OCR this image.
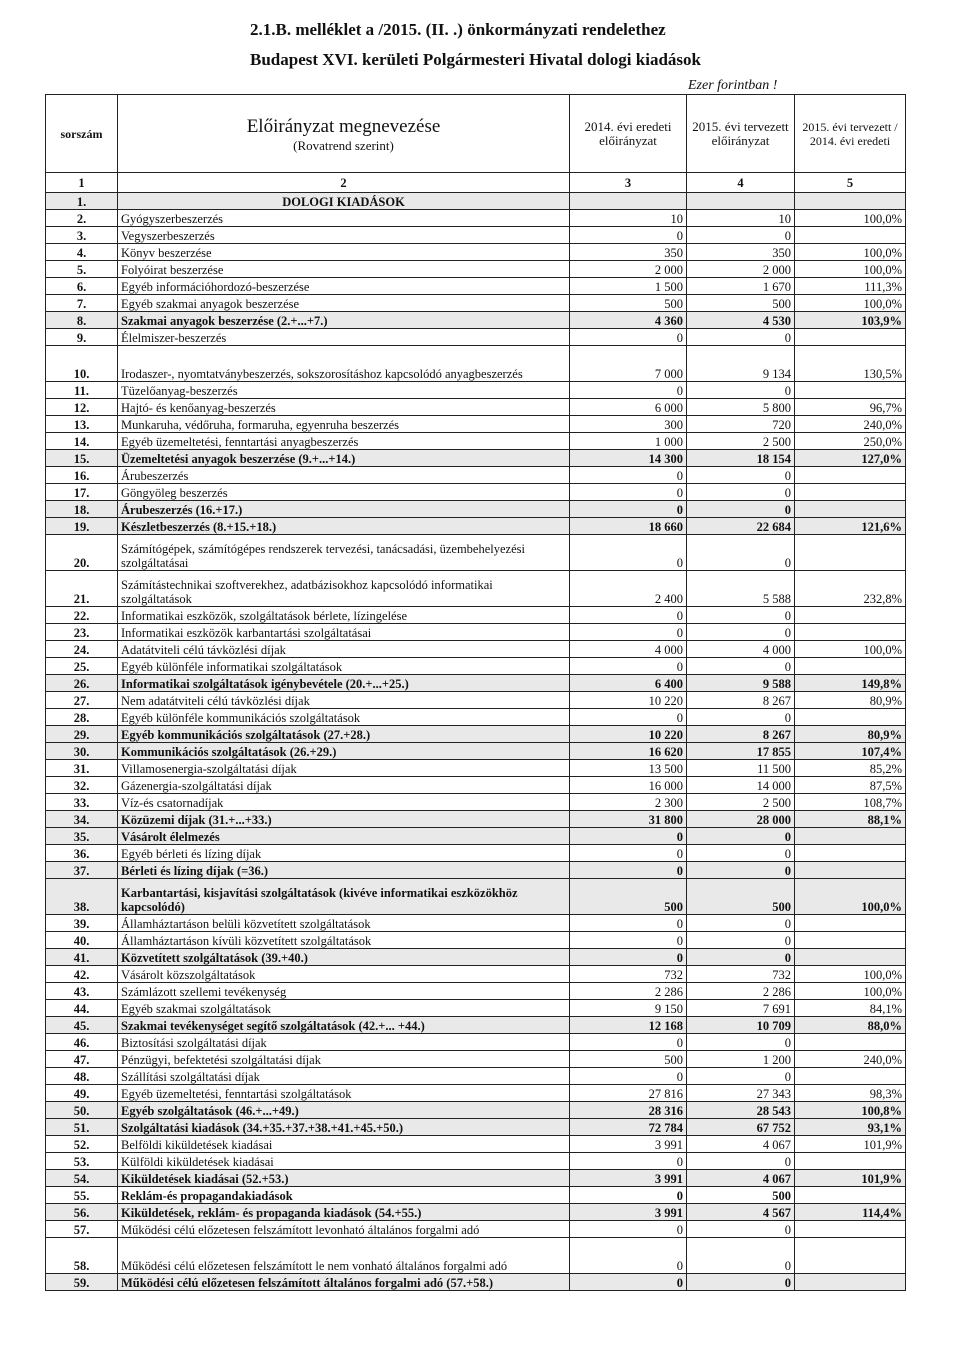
2.1.B. melléklet a /2015. (II. .) önkormányzati rendelethez
Budapest XVI. kerületi Polgármesteri Hivatal dologi kiadások
Ezer forintban !
sorszám	Előirányzat megnevezése
(Rovatrend szerint)	2014. évi eredeti előirányzat	2015. évi tervezett előirányzat	2015. évi tervezett / 2014. évi eredeti
1	2	3	4	5
1.	DOLOGI KIADÁSOK			
2.	Gyógyszerbeszerzés	10	10	100,0%
3.	Vegyszerbeszerzés	0	0	
4.	Könyv beszerzése	350	350	100,0%
5.	Folyóirat beszerzése	2 000	2 000	100,0%
6.	Egyéb információhordozó-beszerzése	1 500	1 670	111,3%
7.	Egyéb szakmai anyagok beszerzése	500	500	100,0%
8.	Szakmai anyagok beszerzése (2.+...+7.)	4 360	4 530	103,9%
9.	Élelmiszer-beszerzés	0	0	
10.	Irodaszer-, nyomtatványbeszerzés, sokszorosításhoz kapcsolódó anyagbeszerzés	7 000	9 134	130,5%
11.	Tüzelőanyag-beszerzés	0	0	
12.	Hajtó- és kenőanyag-beszerzés	6 000	5 800	96,7%
13.	Munkaruha, védőruha, formaruha, egyenruha beszerzés	300	720	240,0%
14.	Egyéb üzemeltetési, fenntartási anyagbeszerzés	1 000	2 500	250,0%
15.	Üzemeltetési anyagok beszerzése (9.+...+14.)	14 300	18 154	127,0%
16.	Árubeszerzés	0	0	
17.	Göngyöleg beszerzés	0	0	
18.	Árubeszerzés (16.+17.)	0	0	
19.	Készletbeszerzés (8.+15.+18.)	18 660	22 684	121,6%
20.	Számítógépek, számítógépes rendszerek tervezési, tanácsadási, üzembehelyezési szolgáltatásai	0	0	
21.	Számítástechnikai szoftverekhez, adatbázisokhoz kapcsolódó informatikai szolgáltatások	2 400	5 588	232,8%
22.	Informatikai eszközök, szolgáltatások bérlete, lízingelése	0	0	
23.	Informatikai eszközök karbantartási szolgáltatásai	0	0	
24.	Adatátviteli célú távközlési díjak	4 000	4 000	100,0%
25.	Egyéb különféle informatikai szolgáltatások	0	0	
26.	Informatikai szolgáltatások igénybevétele (20.+...+25.)	6 400	9 588	149,8%
27.	Nem adatátviteli célú távközlési díjak	10 220	8 267	80,9%
28.	Egyéb különféle kommunikációs szolgáltatások	0	0	
29.	Egyéb kommunikációs szolgáltatások (27.+28.)	10 220	8 267	80,9%
30.	Kommunikációs szolgáltatások (26.+29.)	16 620	17 855	107,4%
31.	Villamosenergia-szolgáltatási díjak	13 500	11 500	85,2%
32.	Gázenergia-szolgáltatási díjak	16 000	14 000	87,5%
33.	Víz-és csatornadíjak	2 300	2 500	108,7%
34.	Közüzemi díjak (31.+...+33.)	31 800	28 000	88,1%
35.	Vásárolt élelmezés	0	0	
36.	Egyéb bérleti és lízing díjak	0	0	
37.	Bérleti és lízing díjak (=36.)	0	0	
38.	Karbantartási, kisjavítási szolgáltatások (kivéve informatikai eszközökhöz kapcsolódó)	500	500	100,0%
39.	Államháztartáson belüli közvetített szolgáltatások	0	0	
40.	Államháztartáson kívüli közvetített szolgáltatások	0	0	
41.	Közvetített szolgáltatások (39.+40.)	0	0	
42.	Vásárolt közszolgáltatások	732	732	100,0%
43.	Számlázott szellemi tevékenység	2 286	2 286	100,0%
44.	Egyéb szakmai szolgáltatások	9 150	7 691	84,1%
45.	Szakmai tevékenységet segítő szolgáltatások (42.+... +44.)	12 168	10 709	88,0%
46.	Biztosítási szolgáltatási díjak	0	0	
47.	Pénzügyi, befektetési szolgáltatási díjak	500	1 200	240,0%
48.	Szállítási szolgáltatási díjak	0	0	
49.	Egyéb üzemeltetési, fenntartási szolgáltatások	27 816	27 343	98,3%
50.	Egyéb szolgáltatások (46.+...+49.)	28 316	28 543	100,8%
51.	Szolgáltatási kiadások (34.+35.+37.+38.+41.+45.+50.)	72 784	67 752	93,1%
52.	Belföldi kiküldetések kiadásai	3 991	4 067	101,9%
53.	Külföldi kiküldetések kiadásai	0	0	
54.	Kiküldetések kiadásai (52.+53.)	3 991	4 067	101,9%
55.	Reklám-és propagandakiadások	0	500	
56.	Kiküldetések, reklám- és propaganda kiadások (54.+55.)	3 991	4 567	114,4%
57.	Működési célú előzetesen felszámított levonható általános forgalmi adó	0	0	
58.	Működési célú előzetesen felszámított le nem vonható általános forgalmi adó	0	0	
59.	Működési célú előzetesen felszámított általános forgalmi adó (57.+58.)	0	0	
